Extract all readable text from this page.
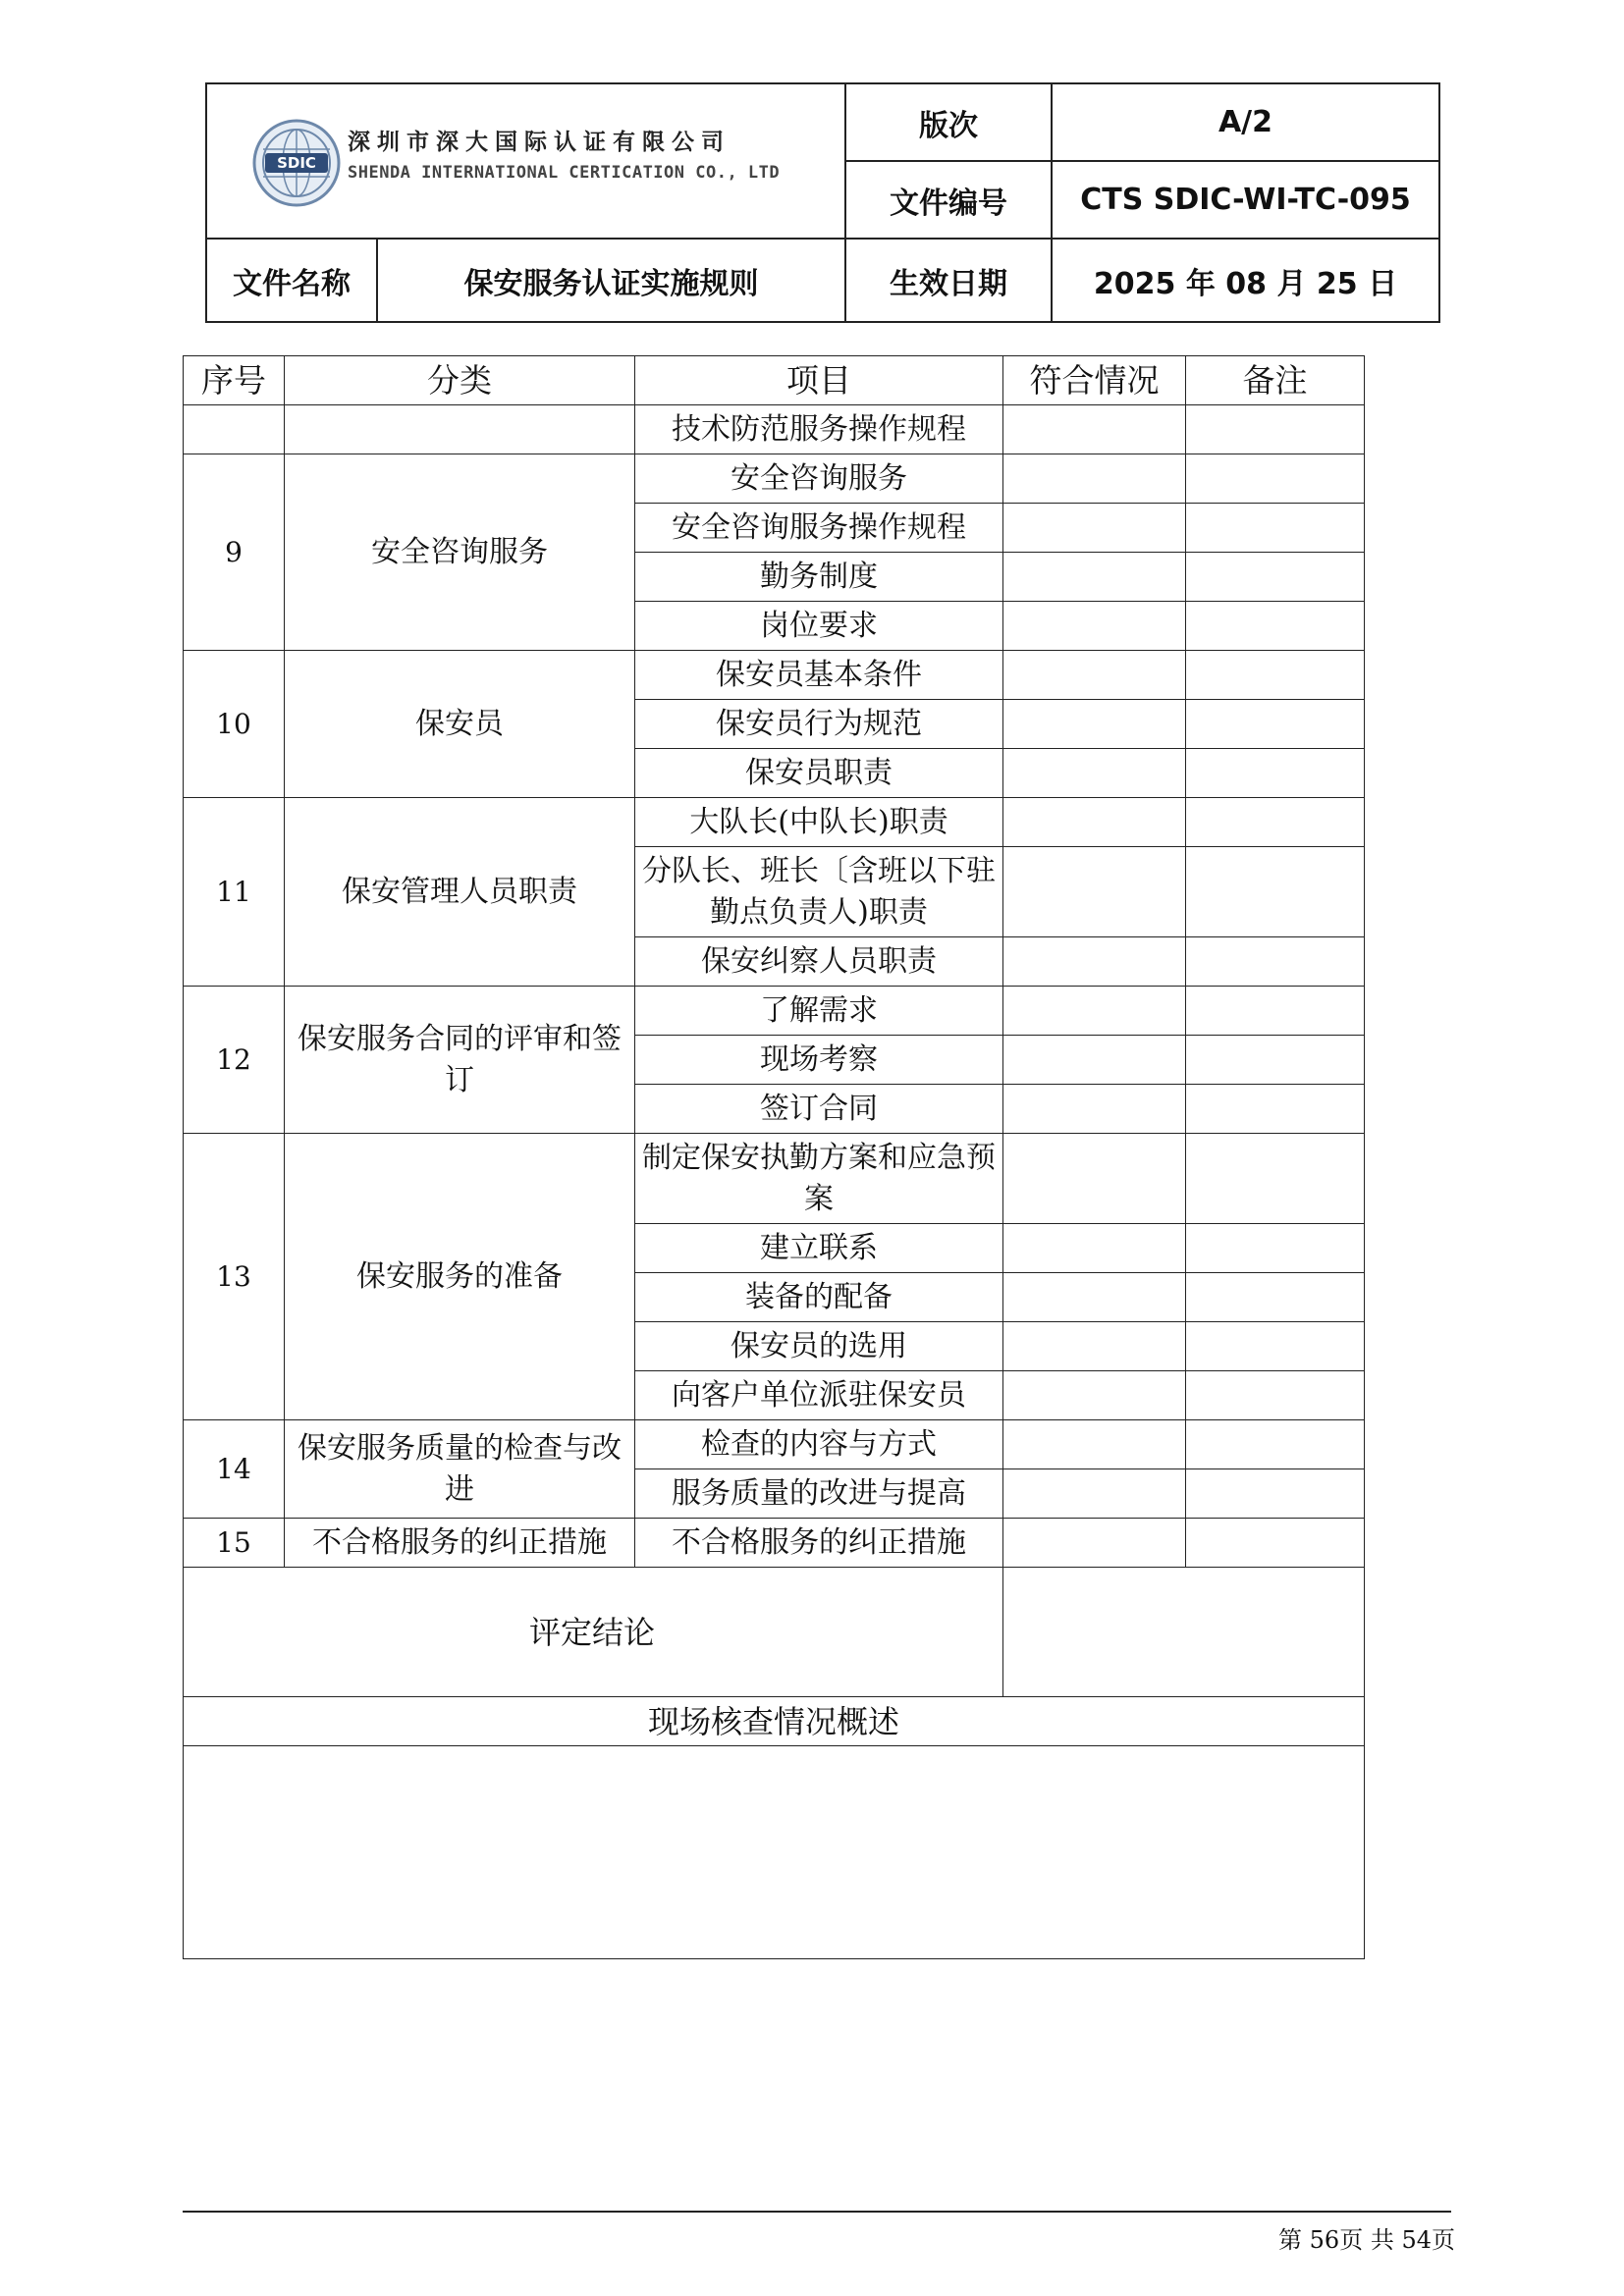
SDIC
深圳市深大国际认证有限公司
SHENDA INTERNATIONAL CERTICATION CO., LTD		版次	A/2
		文件编号	CTS SDIC-WI-TC-095
文件名称	保安服务认证实施规则	生效日期	2025 年 08 月 25 日
序号	分类	项目	符合情况	备注
		技术防范服务操作规程		
9	安全咨询服务	安全咨询服务		
		安全咨询服务操作规程		
		勤务制度		
		岗位要求		
10	保安员	保安员基本条件		
		保安员行为规范		
		保安员职责		
11	保安管理人员职责	大队长(中队长)职责		
		分队长、班长〔含班以下驻勤点负责人)职责		
		保安纠察人员职责		
12	保安服务合同的评审和签订	了解需求		
		现场考察		
		签订合同		
13	保安服务的准备	制定保安执勤方案和应急预案		
		建立联系		
		装备的配备		
		保安员的选用		
		向客户单位派驻保安员		
14	保安服务质量的检查与改进	检查的内容与方式		
		服务质量的改进与提高		
15	不合格服务的纠正措施	不合格服务的纠正措施		
评定结论				
现场核查情况概述				

第 56页 共 54页
